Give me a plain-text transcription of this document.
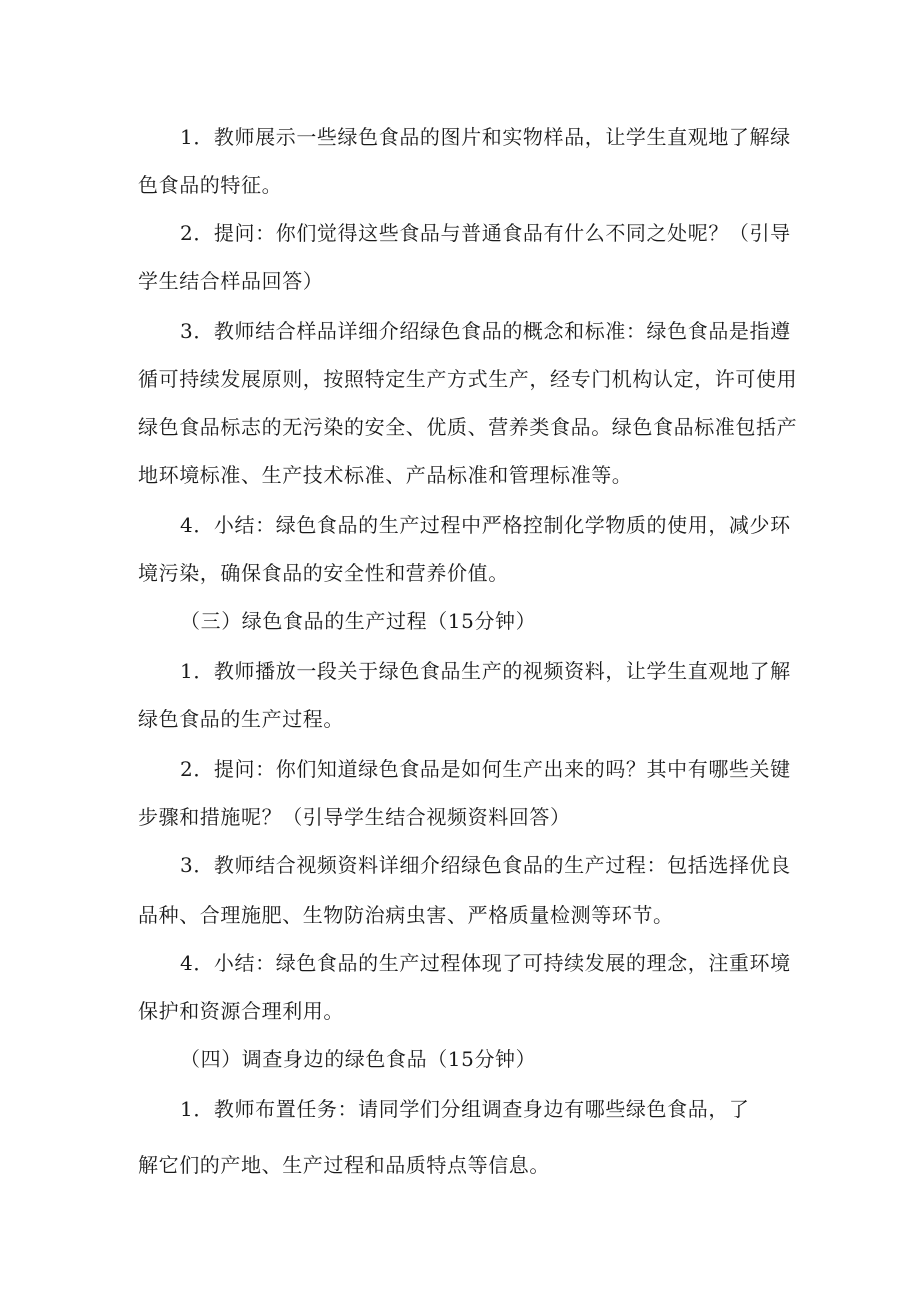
1．教师展示一些绿色食品的图片和实物样品，让学生直观地了解绿
色食品的特征。
2．提问：你们觉得这些食品与普通食品有什么不同之处呢？（引导
学生结合样品回答）
3．教师结合样品详细介绍绿色食品的概念和标准：绿色食品是指遵
循可持续发展原则，按照特定生产方式生产，经专门机构认定，许可使用
绿色食品标志的无污染的安全、优质、营养类食品。绿色食品标准包括产
地环境标准、生产技术标准、产品标准和管理标准等。
4．小结：绿色食品的生产过程中严格控制化学物质的使用，减少环
境污染，确保食品的安全性和营养价值。
（三）绿色食品的生产过程（15分钟）
1．教师播放一段关于绿色食品生产的视频资料，让学生直观地了解
绿色食品的生产过程。
2．提问：你们知道绿色食品是如何生产出来的吗？其中有哪些关键
步骤和措施呢？（引导学生结合视频资料回答）
3．教师结合视频资料详细介绍绿色食品的生产过程：包括选择优良
品种、合理施肥、生物防治病虫害、严格质量检测等环节。
4．小结：绿色食品的生产过程体现了可持续发展的理念，注重环境
保护和资源合理利用。
（四）调查身边的绿色食品（15分钟）
1．教师布置任务：请同学们分组调查身边有哪些绿色食品，了
解它们的产地、生产过程和品质特点等信息。
